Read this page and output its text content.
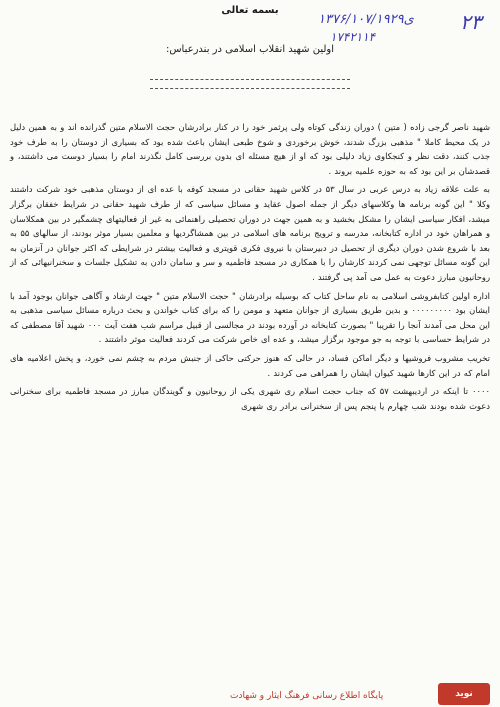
بسمه تعالی
۱۳۷۶/۱۰۷/۱۹۲۹ی
۱۷۴۲۱۱۴
۲۳
اولین شهید انقلاب اسلامی در بندرعباس:

شهید ناصر گرجی زاده ( متین ) دوران زندگی کوتاه ولی پرثمر خود را در کنار برادرشان حجت الاسلام متین گذرانده اند و به همین دلیل در یک محیط کاملا " مذهبی بزرگ شدند، خوش برخوردی و شوخ طبعی ایشان باعث شده بود که بسیاری از دوستان را به طرف خود جذب کنند، دقت نظر و کنجکاوی زیاد دلیلی بود که او از هیچ مسئله ای بدون بررسی کامل نگذرند امام را بسیار دوست می داشتند، و قصدشان بر این بود که به حوزه علمیه بروند .

به علت علاقه زیاد به درس عربی در سال ۵۳ در کلاس شهید حقانی در مسجد کوفه با عده ای از دوستان مذهبی خود شرکت داشتند وکلا " این گونه برنامه ها وکلاسهای دیگر از جمله اصول عقاید و مسائل سیاسی که از طرف شهید حقانی در شرایط خفقان برگزار میشد، افکار سیاسی ایشان را مشکل بخشید و به همین جهت در دوران تحصیلی راهنمائی به غیر از فعالیتهای چشمگیر در بین همکلاسان و همراهان خود در اداره کتابخانه، مدرسه و ترویج برنامه های اسلامی در بین همشاگردیها و معلمین بسیار موثر بودند، از سالهای ۵۵ به بعد با شروع شدن دوران دیگری از تحصیل در دبیرستان با نیروی فکری قویتری و فعالیت بیشتر در شرایطی که اکثر جوانان در آنزمان به این گونه مسائل توجهی نمی کردند کارشان را با همکاری در مسجد فاطمیه و سر و سامان دادن به تشکیل جلسات و سخنرانیهائی که از روحانیون مبارز دعوت به عمل می آمد پی گرفتند .

اداره اولین کتابفروشی اسلامی به نام ساحل کتاب که بوسیله برادرشان " حجت الاسلام متین " جهت ارشاد و آگاهی جوانان بوجود آمد با ایشان بود ۰۰۰۰۰۰۰۰۰ و بدین طریق بسیاری از جوانان متعهد و مومن را که برای کتاب خواندن و بحث درباره مسائل سیاسی مذهبی به این محل می آمدند آنجا را تقریبا " بصورت کتابخانه در آورده بودند در مجالسی از قبیل مراسم شب هفت آیت ۰۰۰ شهید آقا مصطفی که در شرایط حساسی با توجه به جو موجود برگزار میشد، و عده ای خاص شرکت می کردند فعالیت موثر داشتند .

تخریب مشروب فروشیها و دیگر اماکن فساد، در حالی که هنوز حرکتی حاکی از جنبش مردم به چشم نمی خورد، و پخش اعلامیه های امام که در این کارها شهید کیوان ایشان را همراهی می کردند .

۰۰۰۰ تا اینکه در اردیبهشت ۵۷ که جناب حجت اسلام ری شهری یکی از روحانیون و گویندگان مبارز در مسجد فاطمیه برای سخنرانی دعوت شده بودند شب چهارم یا پنجم پس از سخنرانی برادر ری شهری

نوید
پایگاه اطلاع رسانی فرهنگ ایثار و شهادت
